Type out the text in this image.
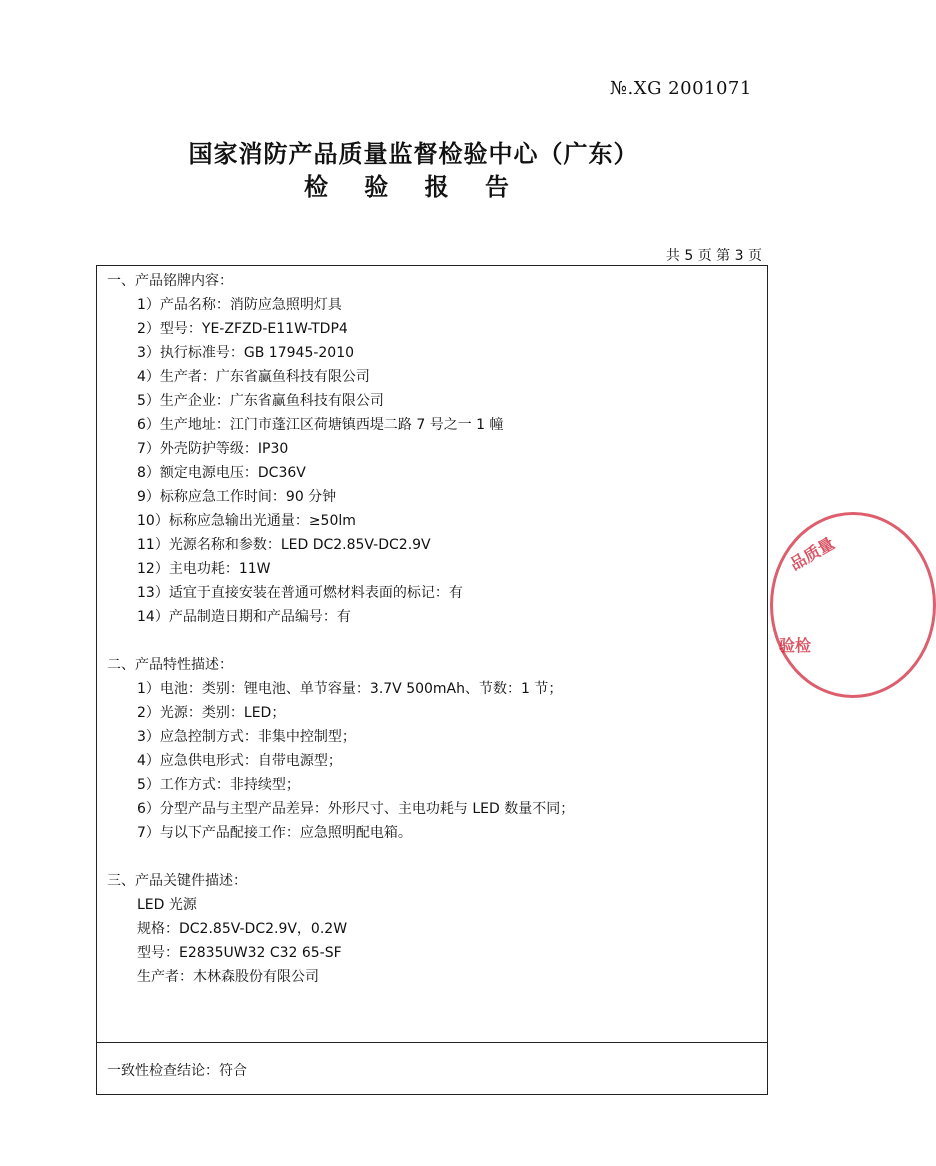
№.XG 2001071
国家消防产品质量监督检验中心（广东）
检 验 报 告
共 5 页 第 3 页
一、产品铭牌内容：
1）产品名称：消防应急照明灯具
2）型号：YE-ZFZD-E11W-TDP4
3）执行标准号：GB 17945-2010
4）生产者：广东省赢鱼科技有限公司
5）生产企业：广东省赢鱼科技有限公司
6）生产地址：江门市蓬江区荷塘镇西堤二路 7 号之一 1 幢
7）外壳防护等级：IP30
8）额定电源电压：DC36V
9）标称应急工作时间：90 分钟
10）标称应急输出光通量：≥50lm
11）光源名称和参数：LED DC2.85V-DC2.9V
12）主电功耗：11W
13）适宜于直接安装在普通可燃材料表面的标记：有
14）产品制造日期和产品编号：有
二、产品特性描述：
1）电池：类别：锂电池、单节容量：3.7V 500mAh、节数：1 节；
2）光源：类别：LED；
3）应急控制方式：非集中控制型；
4）应急供电形式：自带电源型；
5）工作方式：非持续型；
6）分型产品与主型产品差异：外形尺寸、主电功耗与 LED 数量不同；
7）与以下产品配接工作：应急照明配电箱。
三、产品关键件描述：
LED 光源
规格：DC2.85V-DC2.9V，0.2W
型号：E2835UW32 C32 65-SF
生产者：木林森股份有限公司
一致性检查结论：符合
品质量
验检
